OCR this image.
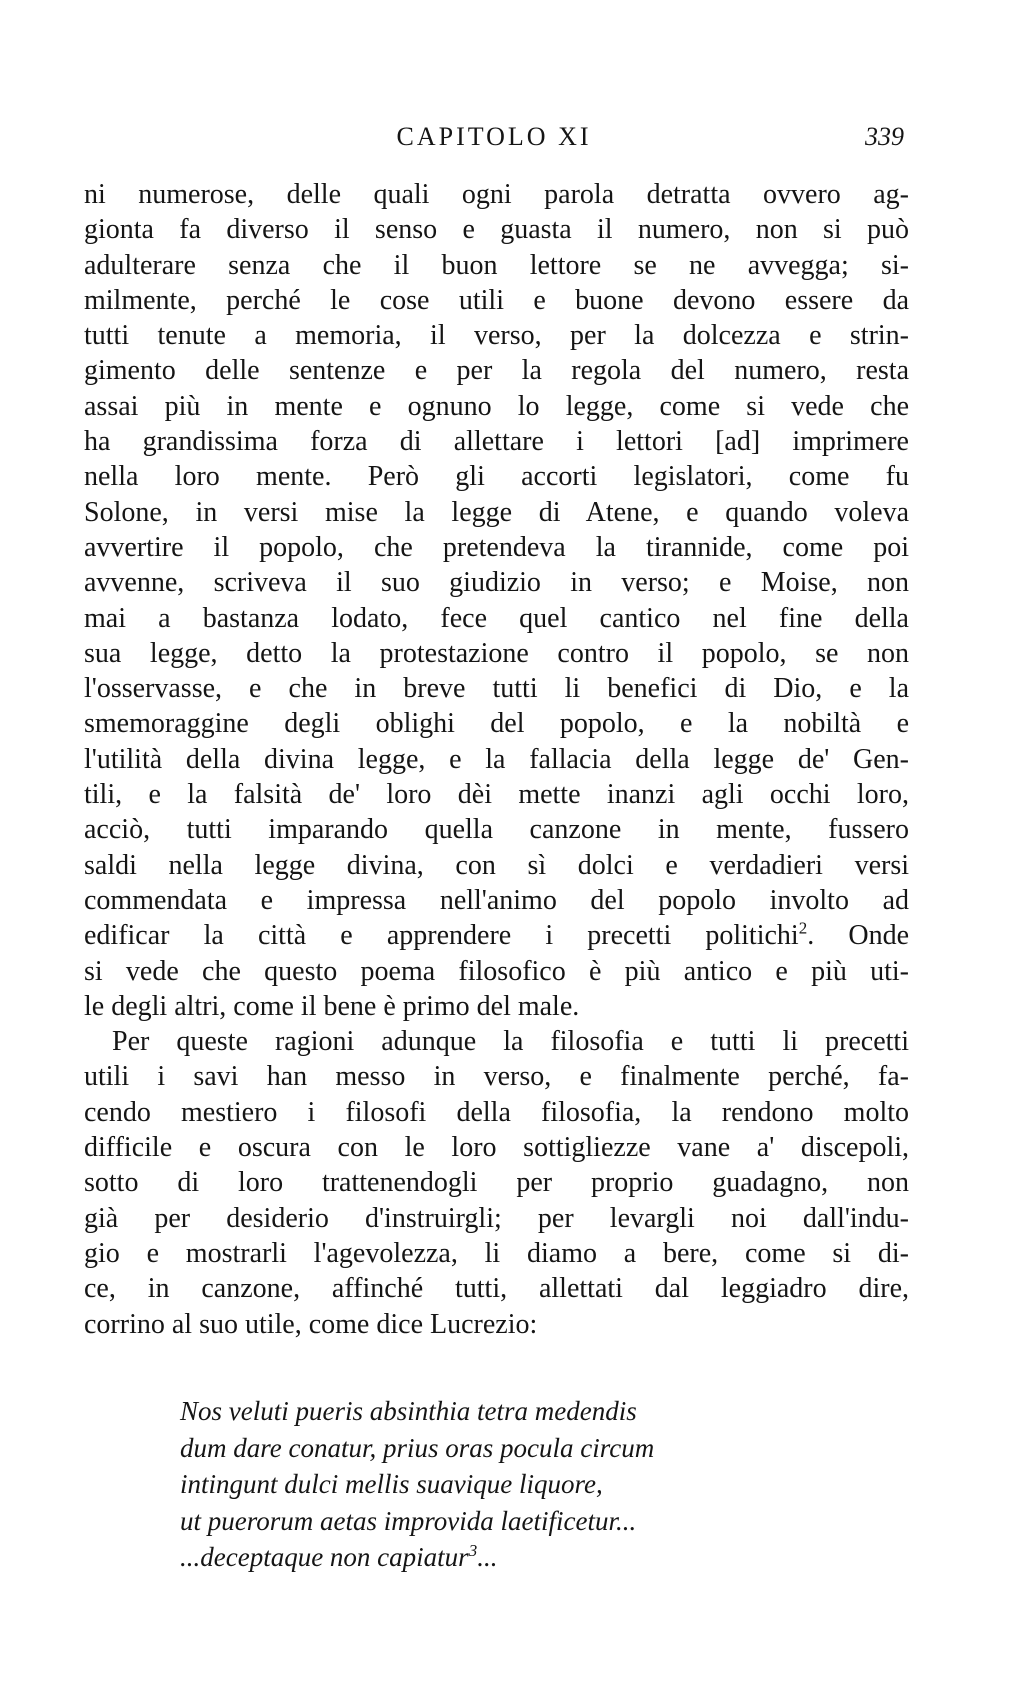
CAPITOLO XI	339
ni numerose, delle quali ogni parola detratta ovvero ag-
gionta fa diverso il senso e guasta il numero, non si può
adulterare senza che il buon lettore se ne avvegga; si-
milmente, perché le cose utili e buone devono essere da
tutti tenute a memoria, il verso, per la dolcezza e strin-
gimento delle sentenze e per la regola del numero, resta
assai più in mente e ognuno lo legge, come si vede che
ha grandissima forza di allettare i lettori [ad] imprimere
nella loro mente. Però gli accorti legislatori, come fu
Solone, in versi mise la legge di Atene, e quando voleva
avvertire il popolo, che pretendeva la tirannide, come poi
avvenne, scriveva il suo giudizio in verso; e Moise, non
mai a bastanza lodato, fece quel cantico nel fine della
sua legge, detto la protestazione contro il popolo, se non
l'osservasse, e che in breve tutti li benefici di Dio, e la
smemoraggine degli oblighi del popolo, e la nobiltà e
l'utilità della divina legge, e la fallacia della legge de' Gen-
tili, e la falsità de' loro dèi mette inanzi agli occhi loro,
acciò, tutti imparando quella canzone in mente, fussero
saldi nella legge divina, con sì dolci e verdadieri versi
commendata e impressa nell'animo del popolo involto ad
edificar la città e apprendere i precetti politichi$^2$. Onde
si vede che questo poema filosofico è più antico e più uti-
le degli altri, come il bene è primo del male.
Per queste ragioni adunque la filosofia e tutti li precetti
utili i savi han messo in verso, e finalmente perché, fa-
cendo mestiero i filosofi della filosofia, la rendono molto
difficile e oscura con le loro sottigliezze vane a' discepoli,
sotto di loro trattenendogli per proprio guadagno, non
già per desiderio d'instruirgli; per levargli noi dall'indu-
gio e mostrarli l'agevolezza, li diamo a bere, come si di-
ce, in canzone, affinché tutti, allettati dal leggiadro dire,
corrino al suo utile, come dice Lucrezio:
Nos veluti pueris absinthia tetra medendis
dum dare conatur, prius oras pocula circum
intingunt dulci mellis suavique liquore,
ut puerorum aetas improvida laetificetur...
...deceptaque non capiatur$^3$...
